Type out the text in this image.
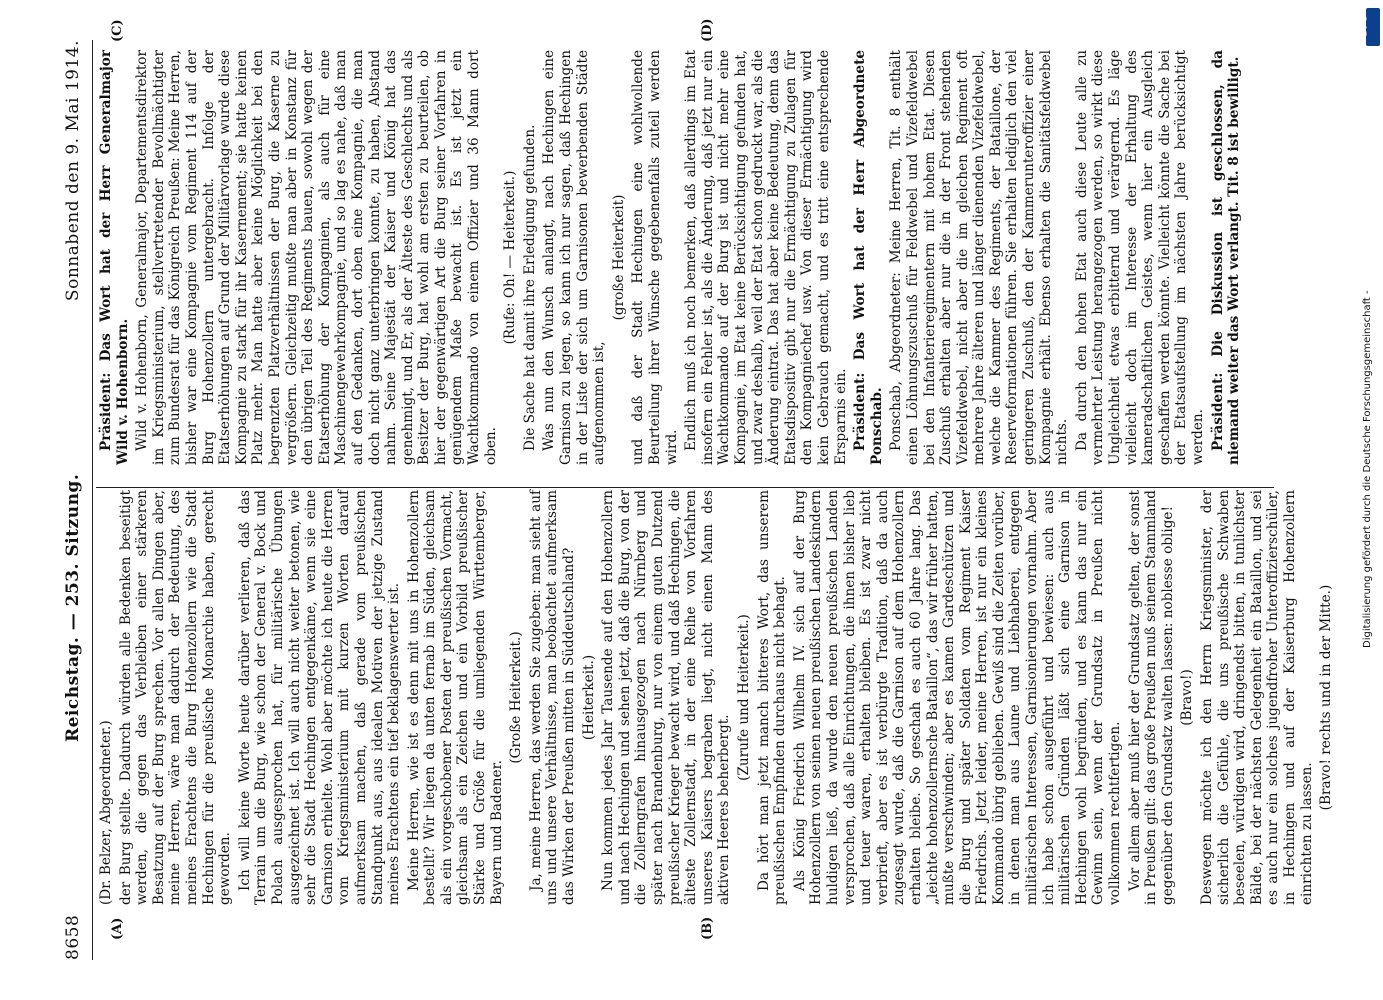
8658
Reichstag. — 253. Sitzung.
Sonnabend den 9. Mai 1914.
(A)	(B)
(C)	(D)

(Dr. Belzer, Abgeordneter.) der Burg stellte. Dadurch würden alle Bedenken beseitigt werden, die gegen das Verbleiben einer stärkeren Besatzung auf der Burg sprechen. Vor allen Dingen aber, meine Herren, wäre man dadurch der Bedeutung, des meines Erachtens die Burg Hohenzollern wie die Stadt Hechingen für die preußische Monarchie haben, gerecht geworden. Ich will keine Worte heute darüber verlieren, daß das Terrain um die Burg, wie schon der General v. Bock und Polach ausgesprochen hat, für militärische Übungen ausgezeichnet ist. Ich will auch nicht weiter betonen, wie sehr die Stadt Hechingen entgegenkäme, wenn sie eine Garnison erhielte. Wohl aber möchte ich heute die Herren vom Kriegsministerium mit kurzen Worten darauf aufmerksam machen, daß gerade vom preußischen Standpunkt aus, aus idealen Motiven der jetzige Zustand meines Erachtens ein tief beklagenswerter ist. Meine Herren, wie ist es denn mit uns in Hohenzollern bestellt? Wir liegen da unten fernab im Süden, gleichsam als ein vorgeschobener Posten der preußischen Vormacht, gleichsam als ein Zeichen und ein Vorbild preußischer Stärke und Größe für die umliegenden Württemberger, Bayern und Badener.

(Große Heiterkeit.) Ja, meine Herren, das werden Sie zugeben: man sieht auf uns und unsere Verhältnisse, man beobachtet aufmerksam das Wirken der Preußen mitten in Süddeutschland? (Heiterkeit.) Nun kommen jedes Jahr Tausende auf den Hohenzollern und nach Hechingen und sehen jetzt, daß die Burg, von der die Zollerngrafen hinausgezogen nach Nürnberg und später nach Brandenburg, nur von einem guten Dutzend preußischer Krieger bewacht wird, und daß Hechingen, die älteste Zollernstadt, in der eine Reihe von Vorfahren unseres Kaisers begraben liegt, nicht einen Mann des aktiven Heeres beherbergt.

(Zurufe und Heiterkeit.) Da hört man jetzt manch bitteres Wort, das unserem preußischen Empfinden durchaus nicht behagt. Als König Friedrich Wilhelm IV. sich auf der Burg Hohenzollern von seinen neuen preußischen Landeskindern huldigen ließ, da wurde den neuen preußischen Landen versprochen, daß alle Einrichtungen, die ihnen bisher lieb und teuer waren, erhalten bleiben. Es ist zwar nicht verbrieft, aber es ist verbürgte Tradition, daß da auch zugesagt wurde, daß die Garnison auf dem Hohenzollern erhalten bleibe. So geschah es auch 60 Jahre lang. Das „leichte hohenzollernsche Bataillon“, das wir früher hatten, mußte verschwinden; aber es kamen Gardeschützen und die Burg und später Soldaten vom Regiment Kaiser Friedrichs. Jetzt leider, meine Herren, ist nur ein kleines Kommando übrig geblieben. Gewiß sind die Zeiten vorüber, in denen man aus Laune und Liebhaberei, entgegen militärischen Interessen, Garnisonierungen vornahm. Aber ich habe schon ausgeführt und bewiesen: auch aus militärischen Gründen läßt sich eine Garnison in Hechingen wohl begründen, und es kann das nur ein Gewinn sein, wenn der Grundsatz in Preußen nicht vollkommen rechtfertigen. Vor allem aber muß hier der Grundsatz gelten, der sonst in Preußen gilt: das große Preußen muß seinem Stammland gegenüber den Grundsatz walten lassen: noblesse oblige! (Bravo!) Deswegen möchte ich den Herrn Kriegsminister, der sicherlich die Gefühle, die uns preußische Schwaben beseelen, würdigen wird, dringendst bitten, in tunlichster Bälde, bei der nächsten Gelegenheit ein Bataillon, und sei es auch nur ein solches jugendfroher Unteroffizierschüler, in Hechingen und auf der Kaiserburg Hohenzollern einrichten zu lassen.

(Bravo! rechts und in der Mitte.)

Präsident: Das Wort hat der Herr Generalmajor Wild v. Hohenborn. Wild v. Hohenborn, Generalmajor, Departementsdirektor im Kriegsministerium, stellvertretender Bevollmächtigter zum Bundesrat für das Königreich Preußen: Meine Herren, bisher war eine Kompagnie vom Regiment 114 auf der Burg Hohenzollern untergebracht. Infolge der Etatserhöhungen auf Grund der Militärvorlage wurde diese Kompagnie zu stark für ihr Kasernement; sie hatte keinen Platz mehr. Man hatte aber keine Möglichkeit bei den begrenzten Platzverhältnissen der Burg, die Kaserne zu vergrößern. Gleichzeitig mußte man aber in Konstanz für den übrigen Teil des Regiments bauen, sowohl wegen der Etatserhöhung der Kompagnien, als auch für eine Maschinengewehrkompagnie, und so lag es nahe, daß man auf den Gedanken, dort oben eine Kompagnie, die man doch nicht ganz unterbringen konnte, zu haben, Abstand nahm. Seine Majestät der Kaiser und König hat das genehmigt, und Er, als der Älteste des Geschlechts und als Besitzer der Burg, hat wohl am ersten zu beurteilen, ob hier der gegenwärtigen Art die Burg seiner Vorfahren in genügendem Maße bewacht ist. Es ist jetzt ein Wachtkommando von einem Offizier und 36 Mann dort oben.

(Rufe: Oh! — Heiterkeit.) Die Sache hat damit ihre Erledigung gefunden. Was nun den Wunsch anlangt, nach Hechingen eine Garnison zu legen, so kann ich nur sagen, daß Hechingen in der Liste der sich um Garnisonen bewerbenden Städte aufgenommen ist,

(große Heiterkeit) und daß der Stadt Hechingen eine wohlwollende Beurteilung ihrer Wünsche gegebenenfalls zuteil werden wird. Endlich muß ich noch bemerken, daß allerdings im Etat insofern ein Fehler ist, als die Änderung, daß jetzt nur ein Wachtkommando auf der Burg ist und nicht mehr eine Kompagnie, im Etat keine Berücksichtigung gefunden hat, und zwar deshalb, weil der Etat schon gedruckt war, als die Änderung eintrat. Das hat aber keine Bedeutung, denn das Etatsdispositiv gibt nur die Ermächtigung zu Zulagen für den Kompagniechef usw. Von dieser Ermächtigung wird kein Gebrauch gemacht, und es tritt eine entsprechende Ersparnis ein. Präsident: Das Wort hat der Herr Abgeordnete Ponschab. Ponschab, Abgeordneter: Meine Herren, Tit. 8 enthält einen Löhnungszuschuß für Feldwebel und Vizefeldwebel bei den Infanterieregimentern mit hohem Etat. Diesen Zuschuß erhalten aber nur die in der Front stehenden Vizefeldwebel, nicht aber die im gleichen Regiment oft mehrere Jahre älteren und länger dienenden Vizefeldwebel, welche die Kammer des Regiments, der Bataillone, der Reserveformationen führen. Sie erhalten lediglich den viel geringeren Zuschuß, den der Kammerunteroffizier einer Kompagnie erhält. Ebenso erhalten die Sanitätsfeldwebel nichts. Da durch den hohen Etat auch diese Leute alle zu vermehrter Leistung herangezogen werden, so wirkt diese Ungleichheit etwas erbitternd und verärgernd. Es läge vielleicht doch im Interesse der Erhaltung des kameradschaftlichen Geistes, wenn hier ein Ausgleich geschaffen werden könnte. Vielleicht könnte die Sache bei der Etatsaufstellung im nächsten Jahre berücksichtigt werden. Präsident: Die Diskussion ist geschlossen, da niemand weiter das Wort verlangt. Tit. 8 ist bewilligt.

Digitalisierung gefördert durch die Deutsche Forschungsgemeinschaft -
DFG
